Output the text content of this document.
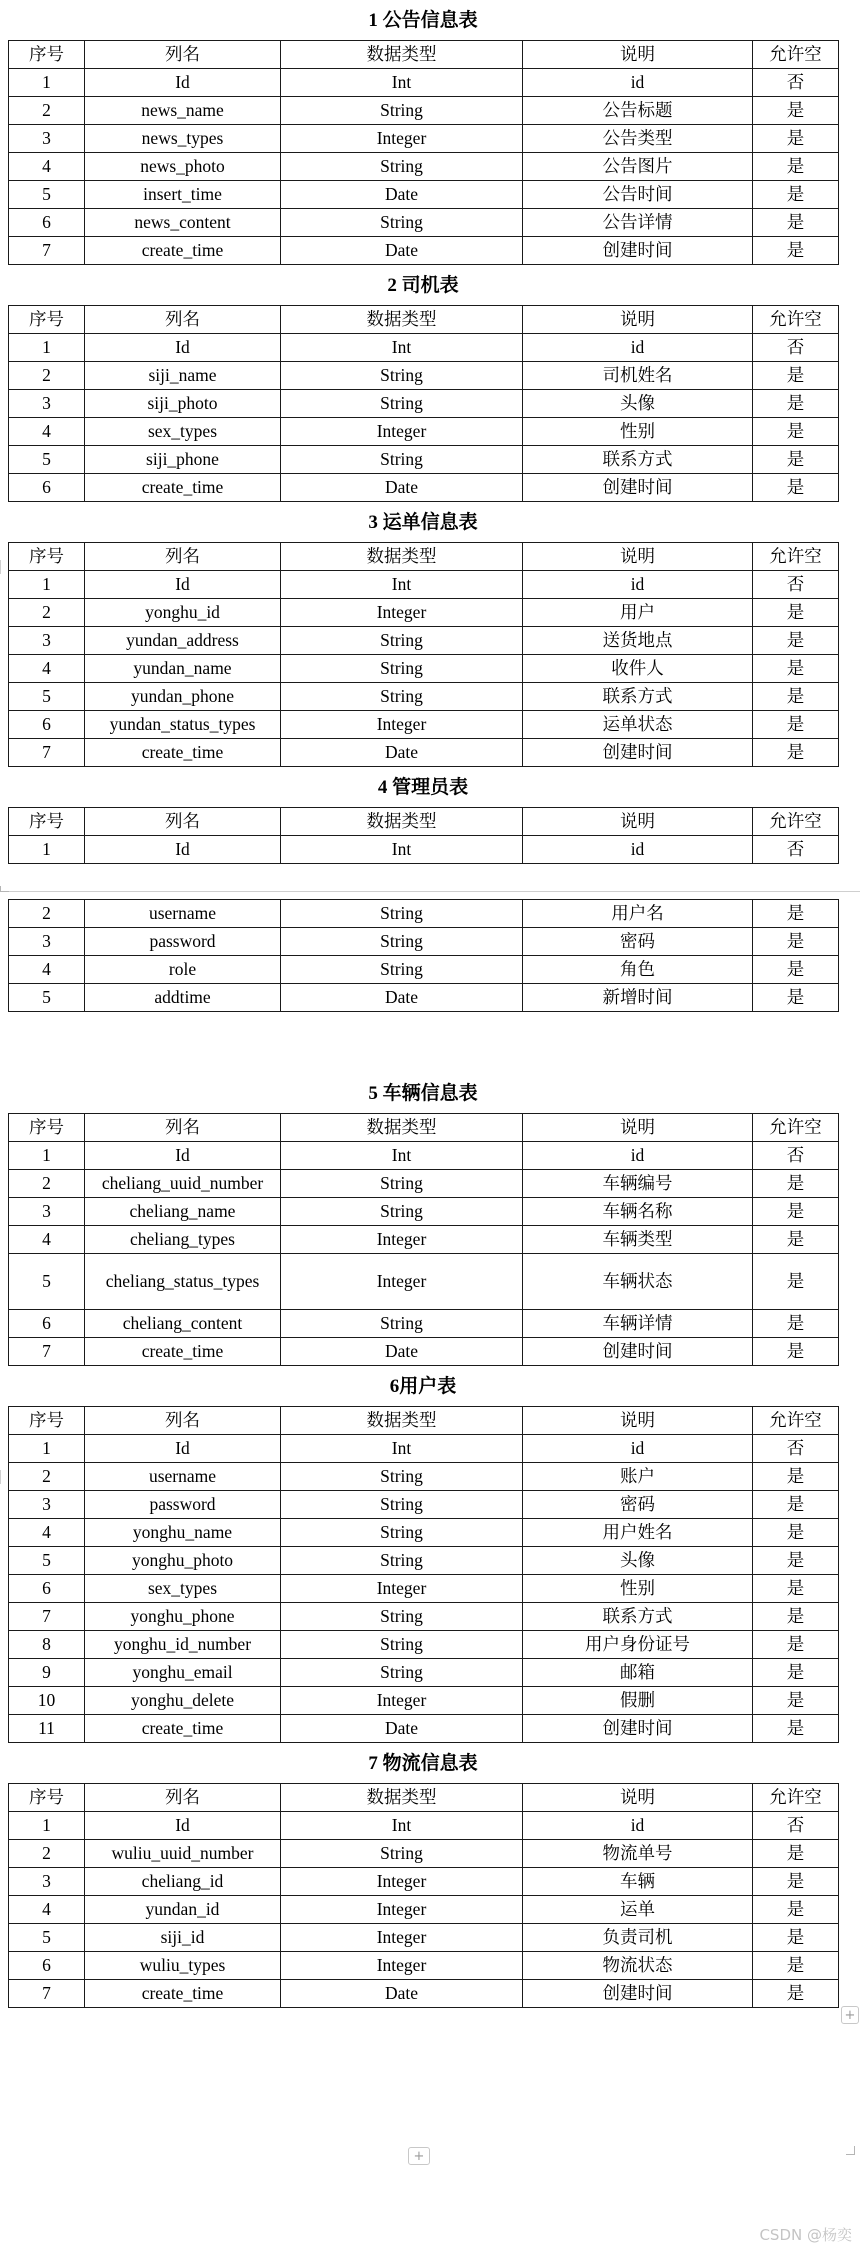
1 公告信息表
序号	列名	数据类型	说明	允许空
1	Id	Int	id	否
2	news_name	String	公告标题	是
3	news_types	Integer	公告类型	是
4	news_photo	String	公告图片	是
5	insert_time	Date	公告时间	是
6	news_content	String	公告详情	是
7	create_time	Date	创建时间	是
2 司机表
序号	列名	数据类型	说明	允许空
1	Id	Int	id	否
2	siji_name	String	司机姓名	是
3	siji_photo	String	头像	是
4	sex_types	Integer	性别	是
5	siji_phone	String	联系方式	是
6	create_time	Date	创建时间	是
3 运单信息表
序号	列名	数据类型	说明	允许空
1	Id	Int	id	否
2	yonghu_id	Integer	用户	是
3	yundan_address	String	送货地点	是
4	yundan_name	String	收件人	是
5	yundan_phone	String	联系方式	是
6	yundan_status_types	Integer	运单状态	是
7	create_time	Date	创建时间	是
4 管理员表
序号	列名	数据类型	说明	允许空
1	Id	Int	id	否
2	username	String	用户名	是
3	password	String	密码	是
4	role	String	角色	是
5	addtime	Date	新增时间	是
5 车辆信息表
序号	列名	数据类型	说明	允许空
1	Id	Int	id	否
2	cheliang_uuid_number	String	车辆编号	是
3	cheliang_name	String	车辆名称	是
4	cheliang_types	Integer	车辆类型	是
5	cheliang_status_types	Integer	车辆状态	是
6	cheliang_content	String	车辆详情	是
7	create_time	Date	创建时间	是
6用户表
序号	列名	数据类型	说明	允许空
1	Id	Int	id	否
2	username	String	账户	是
3	password	String	密码	是
4	yonghu_name	String	用户姓名	是
5	yonghu_photo	String	头像	是
6	sex_types	Integer	性别	是
7	yonghu_phone	String	联系方式	是
8	yonghu_id_number	String	用户身份证号	是
9	yonghu_email	String	邮箱	是
10	yonghu_delete	Integer	假删	是
11	create_time	Date	创建时间	是
7 物流信息表
序号	列名	数据类型	说明	允许空
1	Id	Int	id	否
2	wuliu_uuid_number	String	物流单号	是
3	cheliang_id	Integer	车辆	是
4	yundan_id	Integer	运单	是
5	siji_id	Integer	负责司机	是
6	wuliu_types	Integer	物流状态	是
7	create_time	Date	创建时间	是
+
+
CSDN @杨奕
